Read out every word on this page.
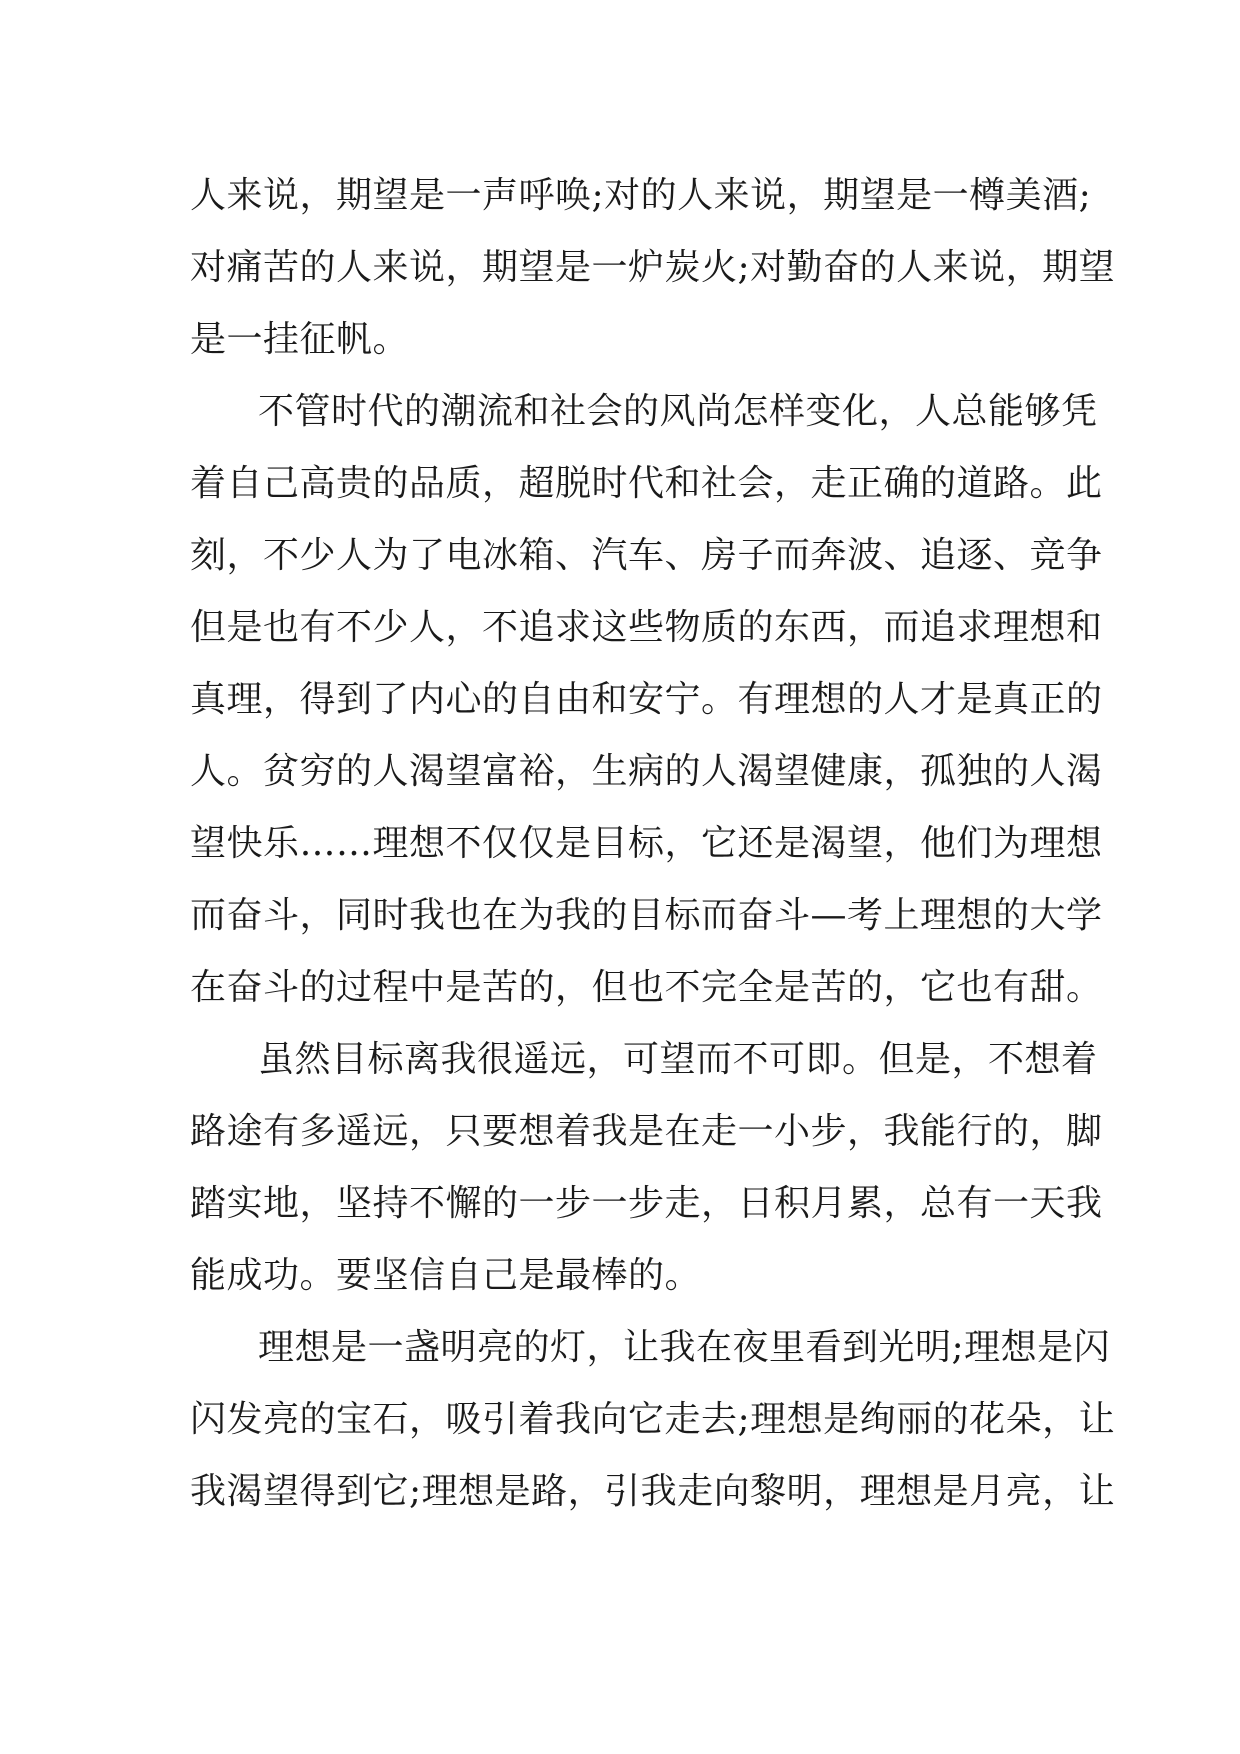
人来说，期望是一声呼唤;对的人来说，期望是一樽美酒;
对痛苦的人来说，期望是一炉炭火;对勤奋的人来说，期望
是一挂征帆。

不管时代的潮流和社会的风尚怎样变化，人总能够凭
着自己高贵的品质，超脱时代和社会，走正确的道路。此
刻，不少人为了电冰箱、汽车、房子而奔波、追逐、竞争
但是也有不少人，不追求这些物质的东西，而追求理想和
真理，得到了内心的自由和安宁。有理想的人才是真正的
人。贫穷的人渴望富裕，生病的人渴望健康，孤独的人渴
望快乐……理想不仅仅是目标，它还是渴望，他们为理想
而奋斗，同时我也在为我的目标而奋斗—考上理想的大学
在奋斗的过程中是苦的，但也不完全是苦的，它也有甜。

虽然目标离我很遥远，可望而不可即。但是，不想着
路途有多遥远，只要想着我是在走一小步，我能行的，脚
踏实地，坚持不懈的一步一步走，日积月累，总有一天我
能成功。要坚信自己是最棒的。

理想是一盏明亮的灯，让我在夜里看到光明;理想是闪
闪发亮的宝石，吸引着我向它走去;理想是绚丽的花朵，让
我渴望得到它;理想是路，引我走向黎明，理想是月亮，让
